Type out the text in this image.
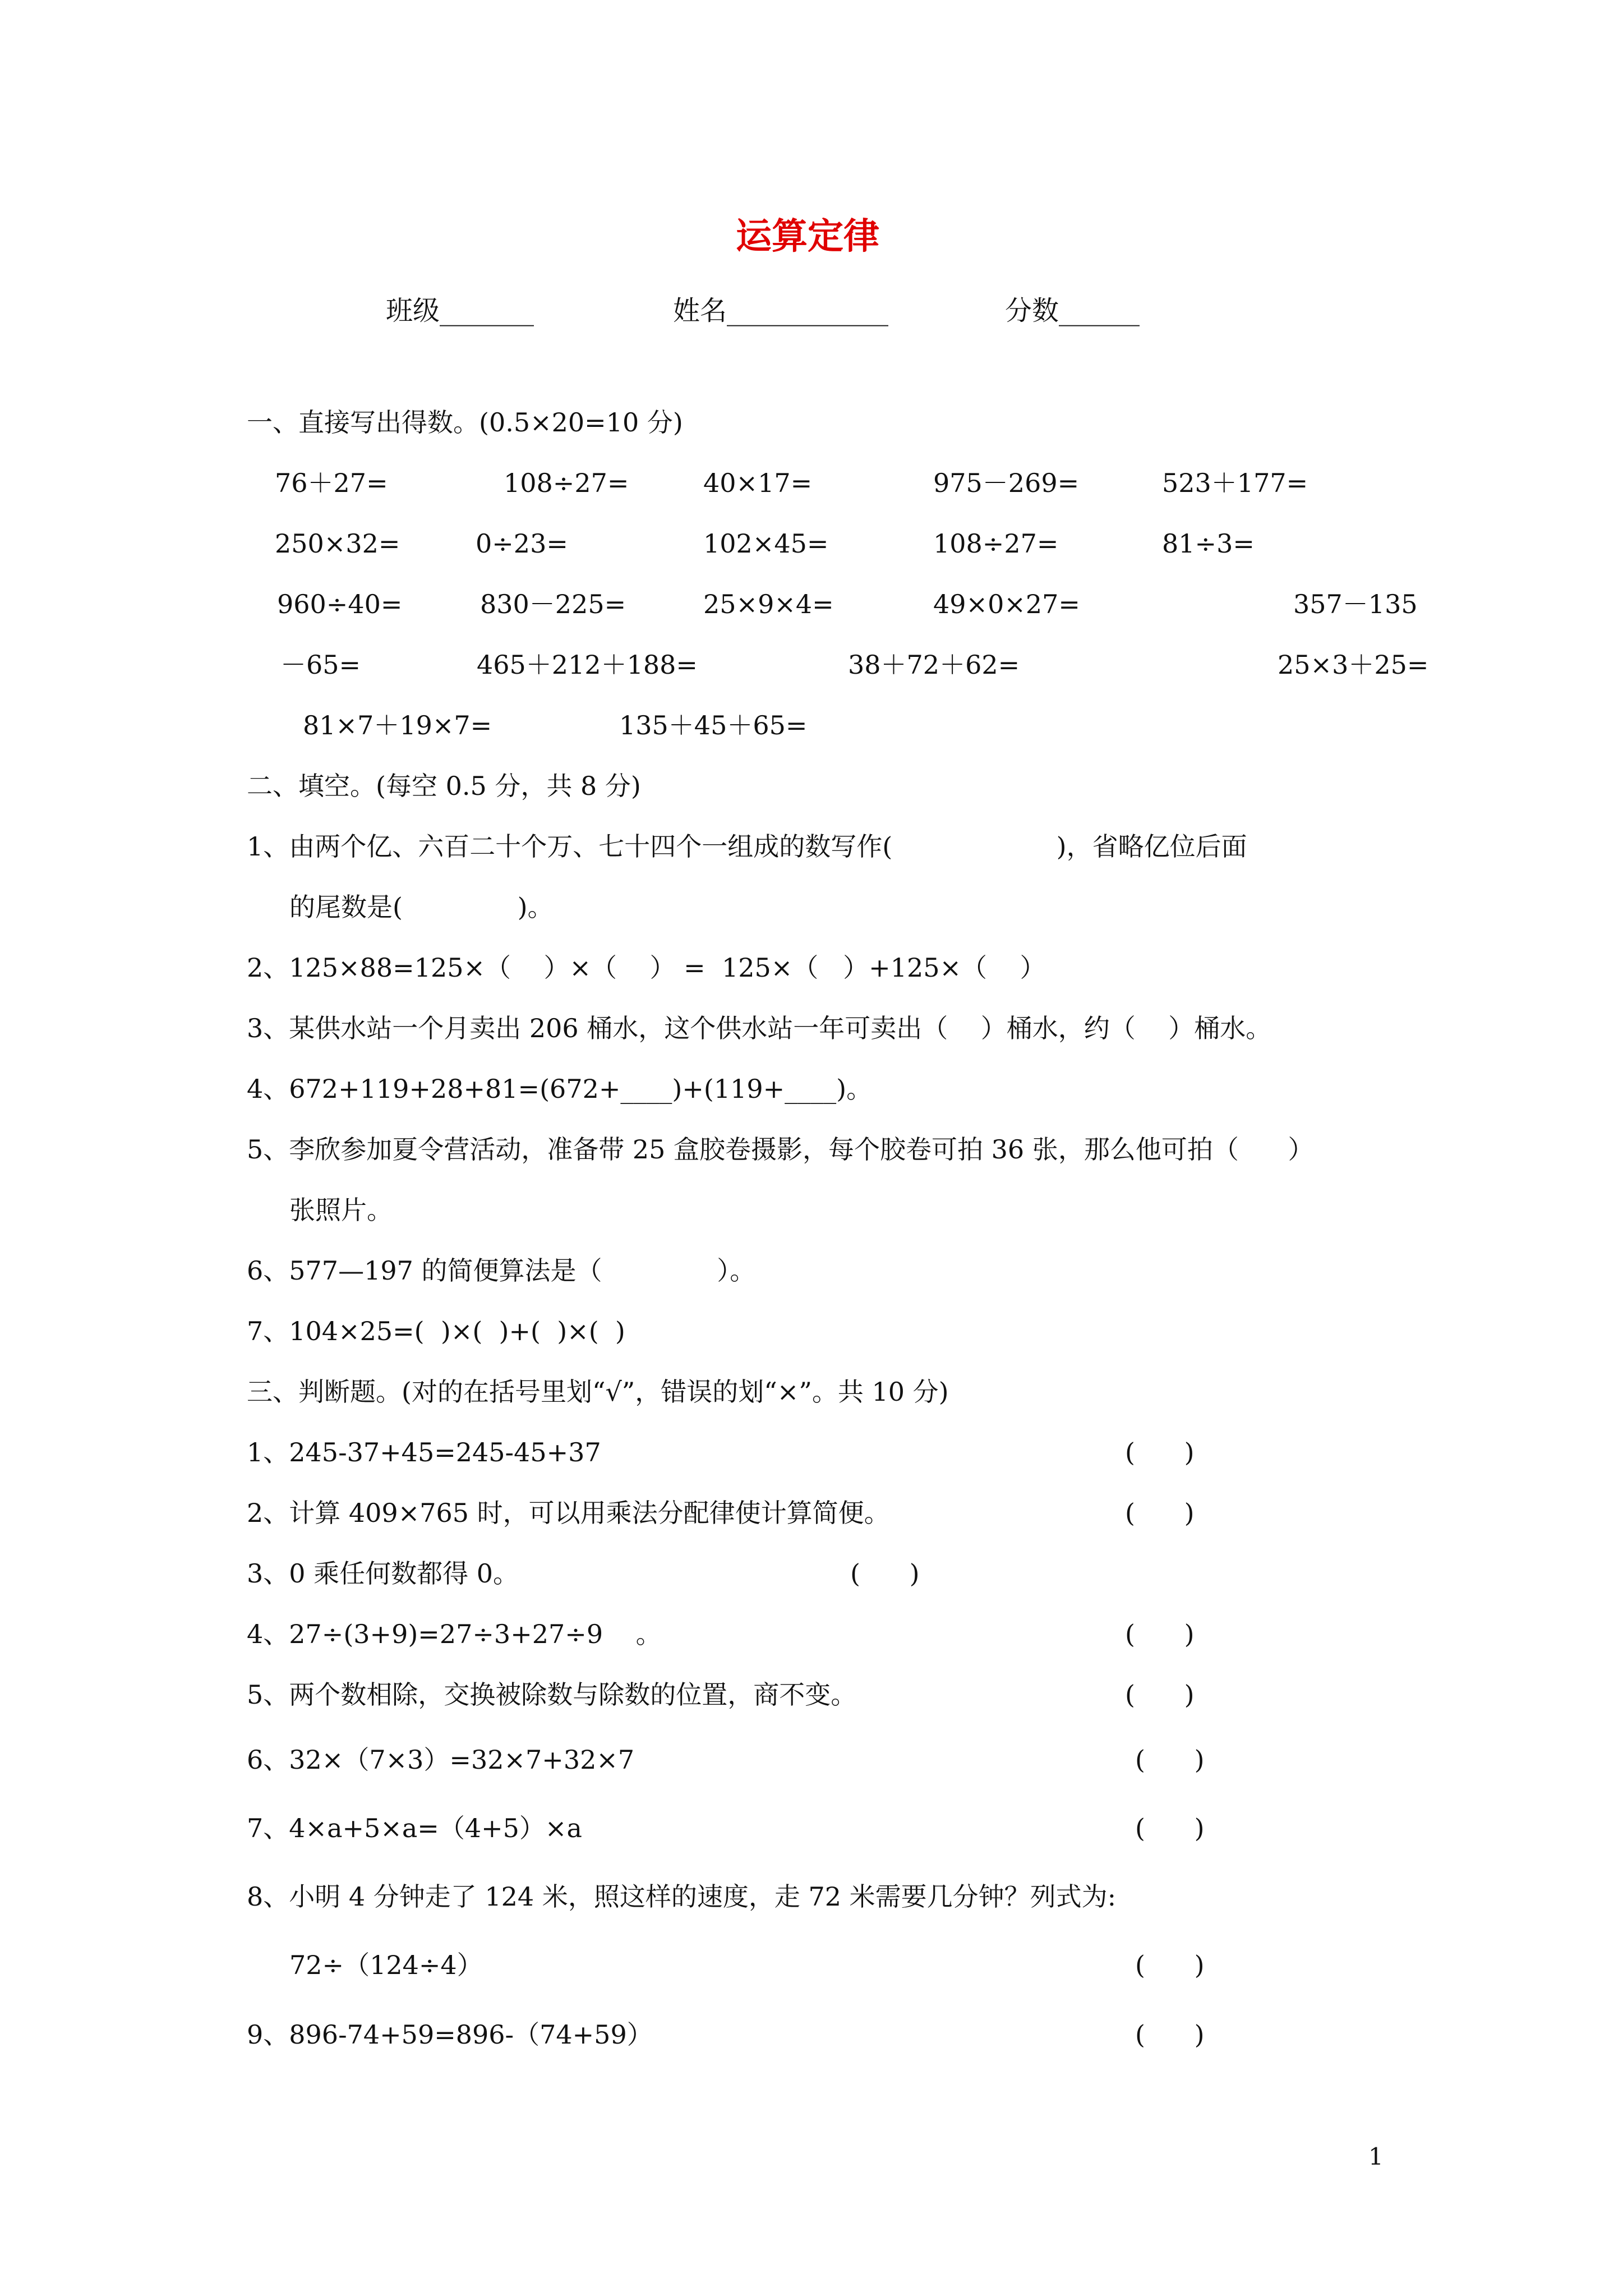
运算定律
班级_______	姓名____________	分数______
一、直接写出得数。(0.5×20=10 分)
76＋27=	108÷27=	40×17=	975－269=	523＋177=
250×32=	0÷23=	102×45=	108÷27=	81÷3=
960÷40=	830－225=	25×9×4=	49×0×27=	357－135
－65=	465＋212＋188=	38＋72＋62=	25×3＋25=
81×7＋19×7=	135＋45＋65=
二、填空。(每空 0.5 分，共 8 分)
1、由两个亿、六百二十个万、七十四个一组成的数写作(                    )，省略亿位后面
的尾数是(              )。
2、125×88=125×（    ）×（    ） =  125×（   ）+125×（    ）
3、某供水站一个月卖出 206 桶水，这个供水站一年可卖出（    ）桶水，约（    ）桶水。
4、672+119+28+81=(672+____)+(119+____)。
5、李欣参加夏令营活动，准备带 25 盒胶卷摄影，每个胶卷可拍 36 张，那么他可拍（      ）
张照片。
6、577—197 的简便算法是（              ）。
7、104×25=(  )×(  )+(  )×(  )
三、判断题。(对的在括号里划“√”，错误的划“×”。共 10 分)
1、245-37+45=245-45+37	(      )
2、计算 409×765 时，可以用乘法分配律使计算简便。	(      )
3、0 乘任何数都得 0。	(      )
4、27÷(3+9)=27÷3+27÷9    。	(      )
5、两个数相除，交换被除数与除数的位置，商不变。	(      )
6、32×（7×3）=32×7+32×7	(      )
7、4×a+5×a=（4+5）×a	(      )
8、小明 4 分钟走了 124 米，照这样的速度，走 72 米需要几分钟？列式为:
72÷（124÷4）	(      )
9、896-74+59=896-（74+59）	(      )
1
